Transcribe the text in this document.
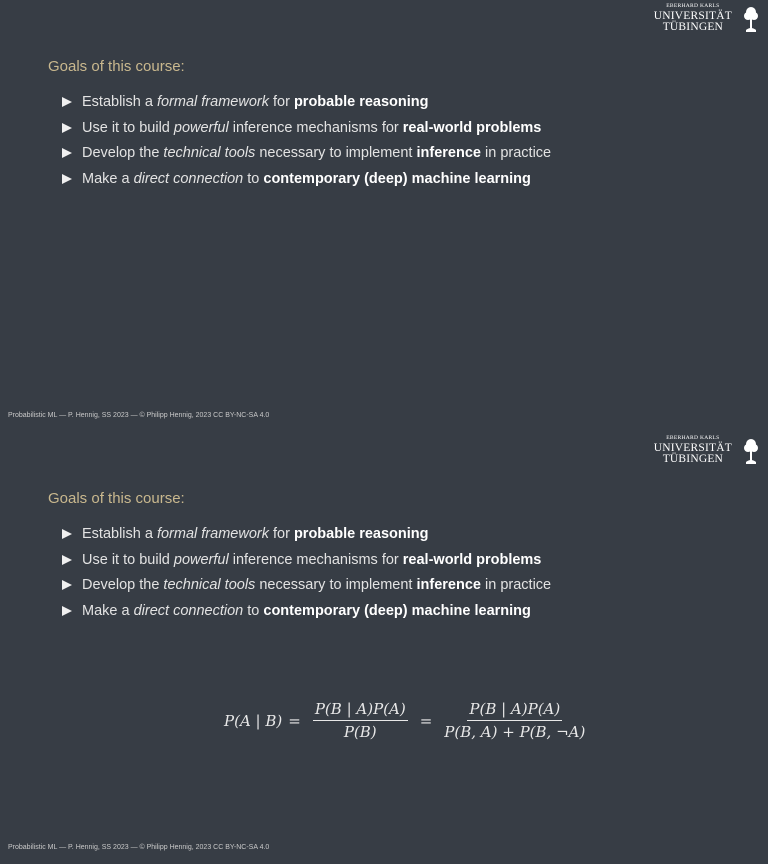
EBERHARD KARLS
UNIVERSITÄT
TÜBINGEN
Goals of this course:
Establish a formal framework for probable reasoning
Use it to build powerful inference mechanisms for real-world problems
Develop the technical tools necessary to implement inference in practice
Make a direct connection to contemporary (deep) machine learning
Probabilistic ML — P. Hennig, SS 2023 — © Philipp Hennig, 2023 CC BY-NC-SA 4.0
EBERHARD KARLS
UNIVERSITÄT
TÜBINGEN
Goals of this course:
Establish a formal framework for probable reasoning
Use it to build powerful inference mechanisms for real-world problems
Develop the technical tools necessary to implement inference in practice
Make a direct connection to contemporary (deep) machine learning
Probabilistic ML — P. Hennig, SS 2023 — © Philipp Hennig, 2023 CC BY-NC-SA 4.0
P(A | $B) = \frac{P(B | A)P(A)}{P(B)} = \frac{P(B | A)P(A)}{P(B, A) + P(B, \neg A)}$
